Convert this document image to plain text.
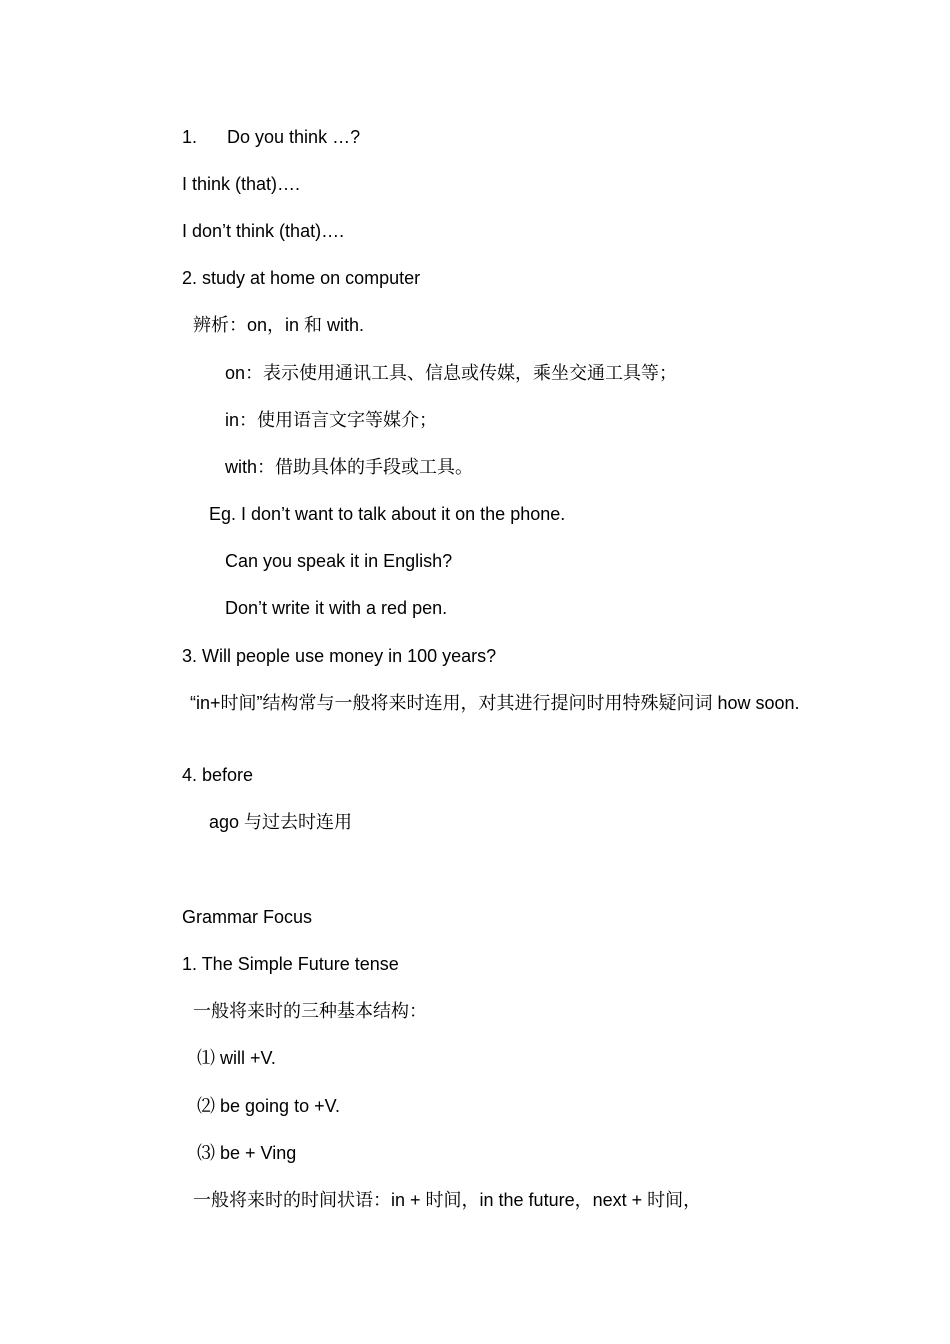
1. Do you think …?
I think (that)….
I don’t think (that)….
2. study at home on computer
辨析：on，in 和 with.
on：表示使用通讯工具、信息或传媒，乘坐交通工具等；
in：使用语言文字等媒介；
with：借助具体的手段或工具。
Eg. I don’t want to talk about it on the phone.
Can you speak it in English?
Don’t write it with a red pen.
3. Will people use money in 100 years?
“in+时间”结构常与一般将来时连用，对其进行提问时用特殊疑问词 how soon.
4. before
ago 与过去时连用
Grammar Focus
1. The Simple Future tense
一般将来时的三种基本结构：
⑴ will +V.
⑵ be going to +V.
⑶ be + Ving
一般将来时的时间状语：in + 时间，in the future，next + 时间，
